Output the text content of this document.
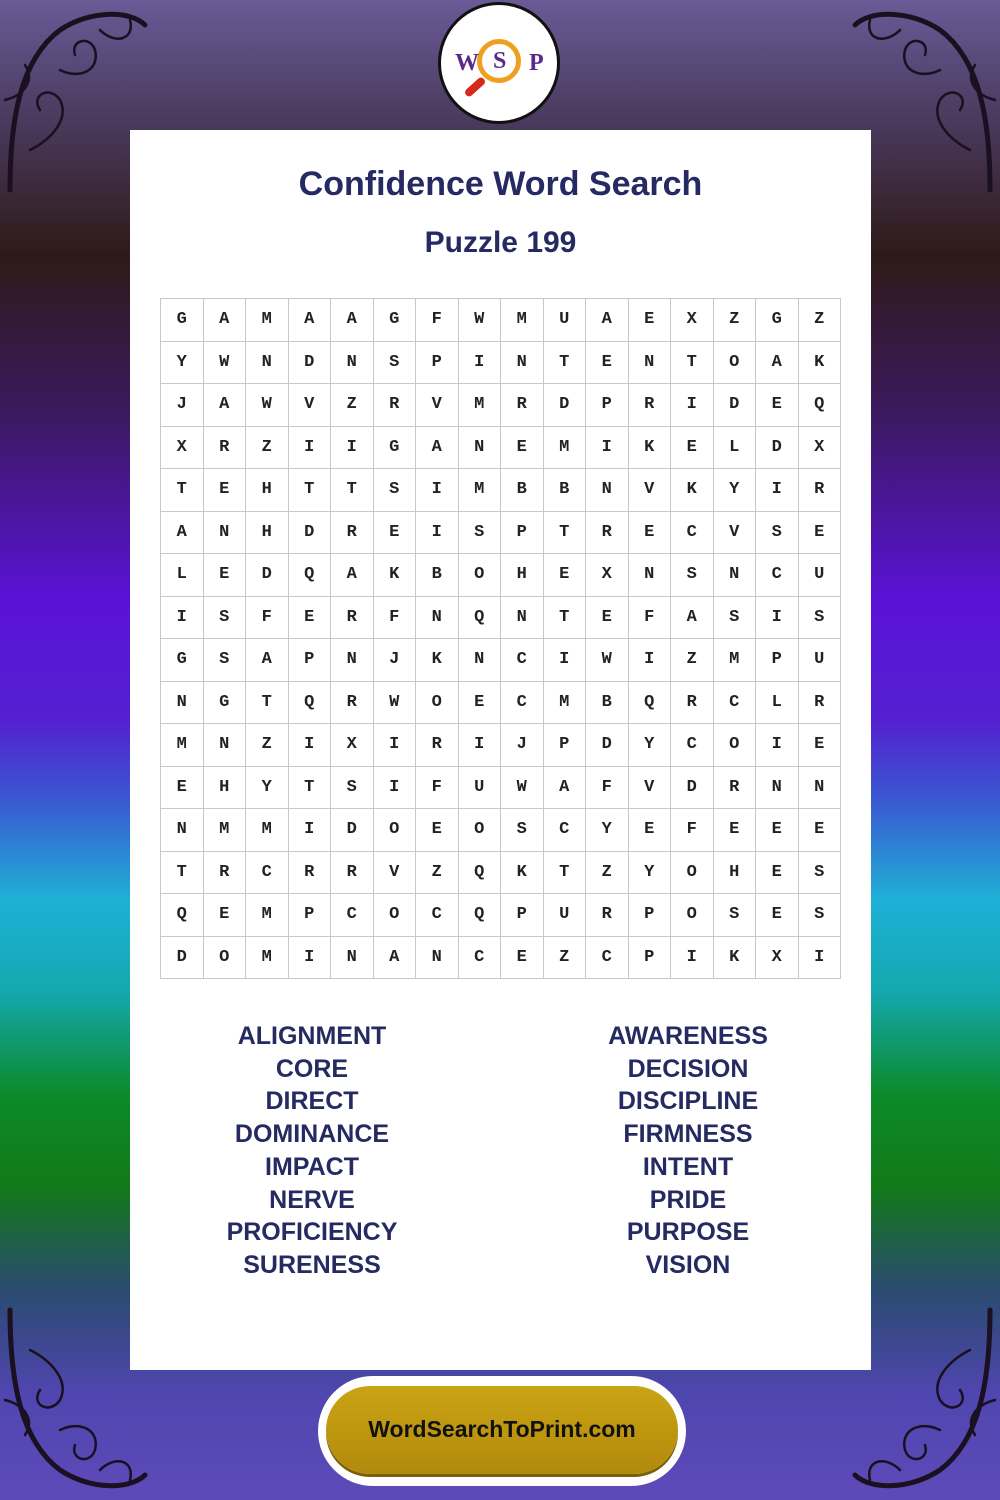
W S P
Confidence Word Search
Puzzle 199
G	A	M	A	A	G	F	W	M	U	A	E	X	Z	G	Z
Y	W	N	D	N	S	P	I	N	T	E	N	T	O	A	K
J	A	W	V	Z	R	V	M	R	D	P	R	I	D	E	Q
X	R	Z	I	I	G	A	N	E	M	I	K	E	L	D	X
T	E	H	T	T	S	I	M	B	B	N	V	K	Y	I	R
A	N	H	D	R	E	I	S	P	T	R	E	C	V	S	E
L	E	D	Q	A	K	B	O	H	E	X	N	S	N	C	U
I	S	F	E	R	F	N	Q	N	T	E	F	A	S	I	S
G	S	A	P	N	J	K	N	C	I	W	I	Z	M	P	U
N	G	T	Q	R	W	O	E	C	M	B	Q	R	C	L	R
M	N	Z	I	X	I	R	I	J	P	D	Y	C	O	I	E
E	H	Y	T	S	I	F	U	W	A	F	V	D	R	N	N
N	M	M	I	D	O	E	O	S	C	Y	E	F	E	E	E
T	R	C	R	R	V	Z	Q	K	T	Z	Y	O	H	E	S
Q	E	M	P	C	O	C	Q	P	U	R	P	O	S	E	S
D	O	M	I	N	A	N	C	E	Z	C	P	I	K	X	I
ALIGNMENT
CORE
DIRECT
DOMINANCE
IMPACT
NERVE
PROFICIENCY
SURENESS
AWARENESS
DECISION
DISCIPLINE
FIRMNESS
INTENT
PRIDE
PURPOSE
VISION
WordSearchToPrint.com
